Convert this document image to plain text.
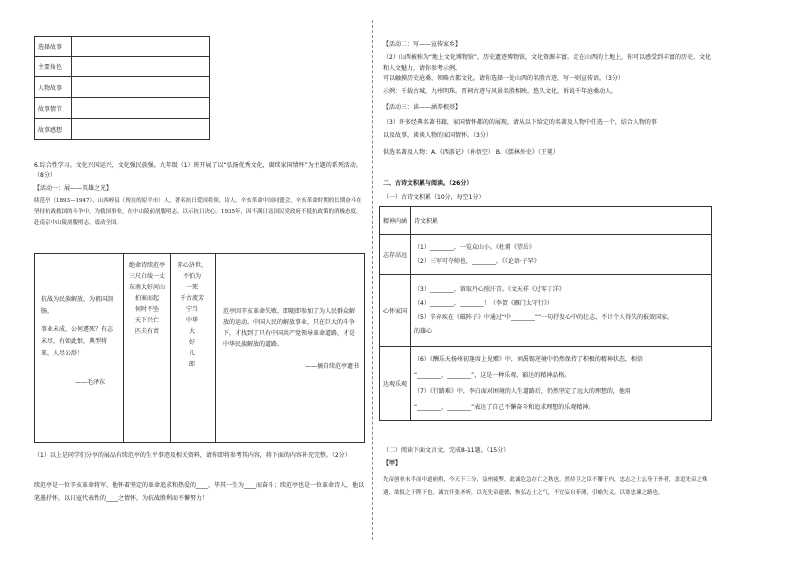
选择故事	
主要角色	
人物故事	
故事情节	
故事感想	
6.综合性学习。文化兴国运兴，文化强民族强。九年级（1）班开展了以“弘扬优秀文化，赓续家国情怀”为主题的系列活动。（8分）
【活动一：展——英雄之光】
续范亭（1893—1947），山西崞县（现在的原平市）人，著名抗日爱国将领、诗人。辛亥革命中国同盟会，辛亥革命时期的长期奋斗在坚持抗战救国的斗争中，为救国事业，在中山陵前剖腹明志，以示抗日决心。1935年，因不满日寇国民党政府不抵抗政策的消极态度，赴南京中山陵剖腹明志，震动全国。
抗战为民族解放，为祖国剖肠。
事业未成，公何遽死？有志未尽，有如此恨，典型将来，人尽公辞！
——毛泽东
绝命诗续范亭
三尺白绫一丈
东南大好河山
拍案而起
何时不坠
天下兴亡
匹夫有责
赤心济世，
不怕为
一死
千古流芳
宁当
中华
大
好
儿
郎
范亭因辛亥革命失败，即随即参加了为人民群众解放的运动。中国人民的解放事业，只在巨大的斗争下，才找到了只有中国共产党领导革命道路，才是中华民族解放的道路。
——摘自续范亭遗书
（1）以上是同学们分享的展品有续范亭的生平事迹及相关资料，请你即将参考其内容，将下面的内容补充完整。（2分）
续范亭是一位辛亥革命将军、他怀着坚定的革命追求和热爱的____，毕其一生为____而奋斗；续范亭也是一位革命诗人，他以笔墨抒怀，以日寇代表性的____之情怀，为抗战胜利而不懈努力！
【活动二：写——宣传家乡】
（2）山西被称为“地上文化博物馆”，历史遗迹博物馆，文化资源丰富。走在山西的土地上，你可以感受到丰富的历史、文化和人文魅力，请你参考示例，
可以触摸历史沧桑、领略古都文化。请你选择一处山西的名胜古迹，写一则宣传语。（3分）
示例：千载古城，九州明珠。晋祠古迹与风景名胜相映。悠久文化，诉说千年沧桑动人。
【活动三：读——涵养根基】
（3）许多经典名著书籍，家国情怀都的的展现。请从以下给定的名著及人物中任选一个，结合人物的事
以及故事，谈谈人物的家国情怀。（3分）
供选名著及人物：A.《西游记》（孙悟空） B.《儒林外史》（王冕）
二、古诗文积累与阅读。（26分）
（一）古诗文积累（10分，每空1分）
精神内涵	诗文积累
志存高远	（1）________，一览众山小。《杜甫《望岳》
（2）三军可夺帅也，________。《《论语·子罕》

心怀家国	（3）________，留取丹心照汗青。《文天祥《过零丁洋》
（4）________，________！（李贺《雁门太守行》）
（5）辛弃疾在《破阵子》中通过“中________”“一句抒发心中的壮志，不计个人得失的报效国家。
的雄心

达观乐观	（6）《酬乐天扬州初逢席上见赠》中，刘禹锡逆境中仍然保持了积极的精神状态，相信
“________，________”，这是一种乐观、豁达的精神品格。
（7）《行路难》中，李白面对困境的人生道路后，仍然坚定了远大的理想的，他用
“________，________”表达了自己不懈奋斗和追求理想的乐观精神。
（二）阅读下面文言文，完成8-11题。（15分）
【甲】
先帝创业未半而中道崩殂，今天下三分，益州疲弊，此诚危急存亡之秋也。然侍卫之臣不懈于内，忠志之士忘身于外者，盖追先帝之殊遇，欲报之于陛下也。诚宜开张圣听，以光先帝遗德，恢弘志士之气，不宜妄自菲薄，引喻失义，以塞忠谏之路也。
